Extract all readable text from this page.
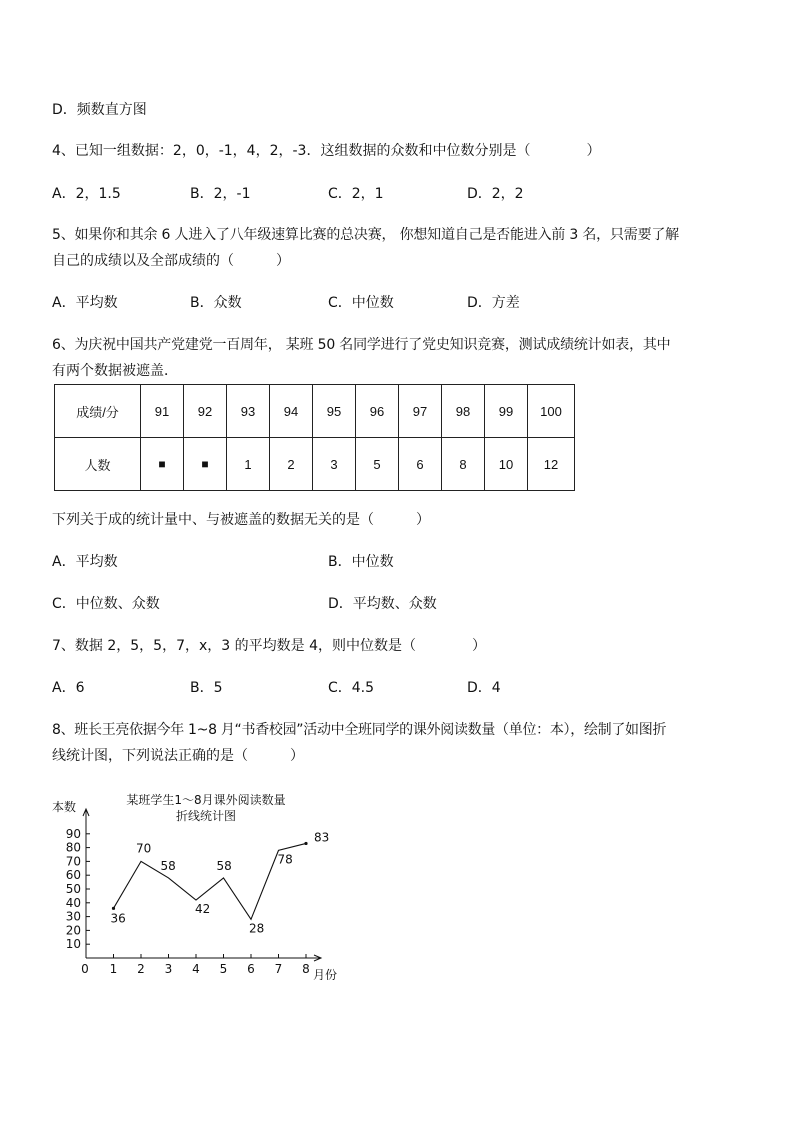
D．频数直方图
4、已知一组数据：2，0，-1，4，2，-3．这组数据的众数和中位数分别是（　　　　）
A．2，1.5	B．2，-1	C．2，1	D．2，2
5、如果你和其余 6 人进入了八年级速算比赛的总决赛， 你想知道自己是否能进入前 3 名，只需要了解
自己的成绩以及全部成绩的（　　　）
A．平均数	B．众数	C．中位数	D．方差
6、为庆祝中国共产党建党一百周年， 某班 50 名同学进行了党史知识竞赛，测试成绩统计如表，其中
有两个数据被遮盖．
成绩/分	91	92	93	94	95	96	97	98	99	100
人数	■	■	1	2	3	5	6	8	10	12
下列关于成的统计量中、与被遮盖的数据无关的是（　　　）
A．平均数	B．中位数
C．中位数、众数	D．平均数、众数
7、数据 2，5，5，7，x，3 的平均数是 4，则中位数是（　　　　）
A．6	B．5	C．4.5	D．4
8、班长王亮依据今年 1~8 月“书香校园”活动中全班同学的课外阅读数量（单位：本），绘制了如图折
线统计图，下列说法正确的是（　　　）
某班学生1～8月课外阅读数量
折线统计图
本数
月份
10
20
30
40
50
60
70
80
90
0 1 2 3 4 5 6 7 8
36
70
58
42
58
28
78
83
